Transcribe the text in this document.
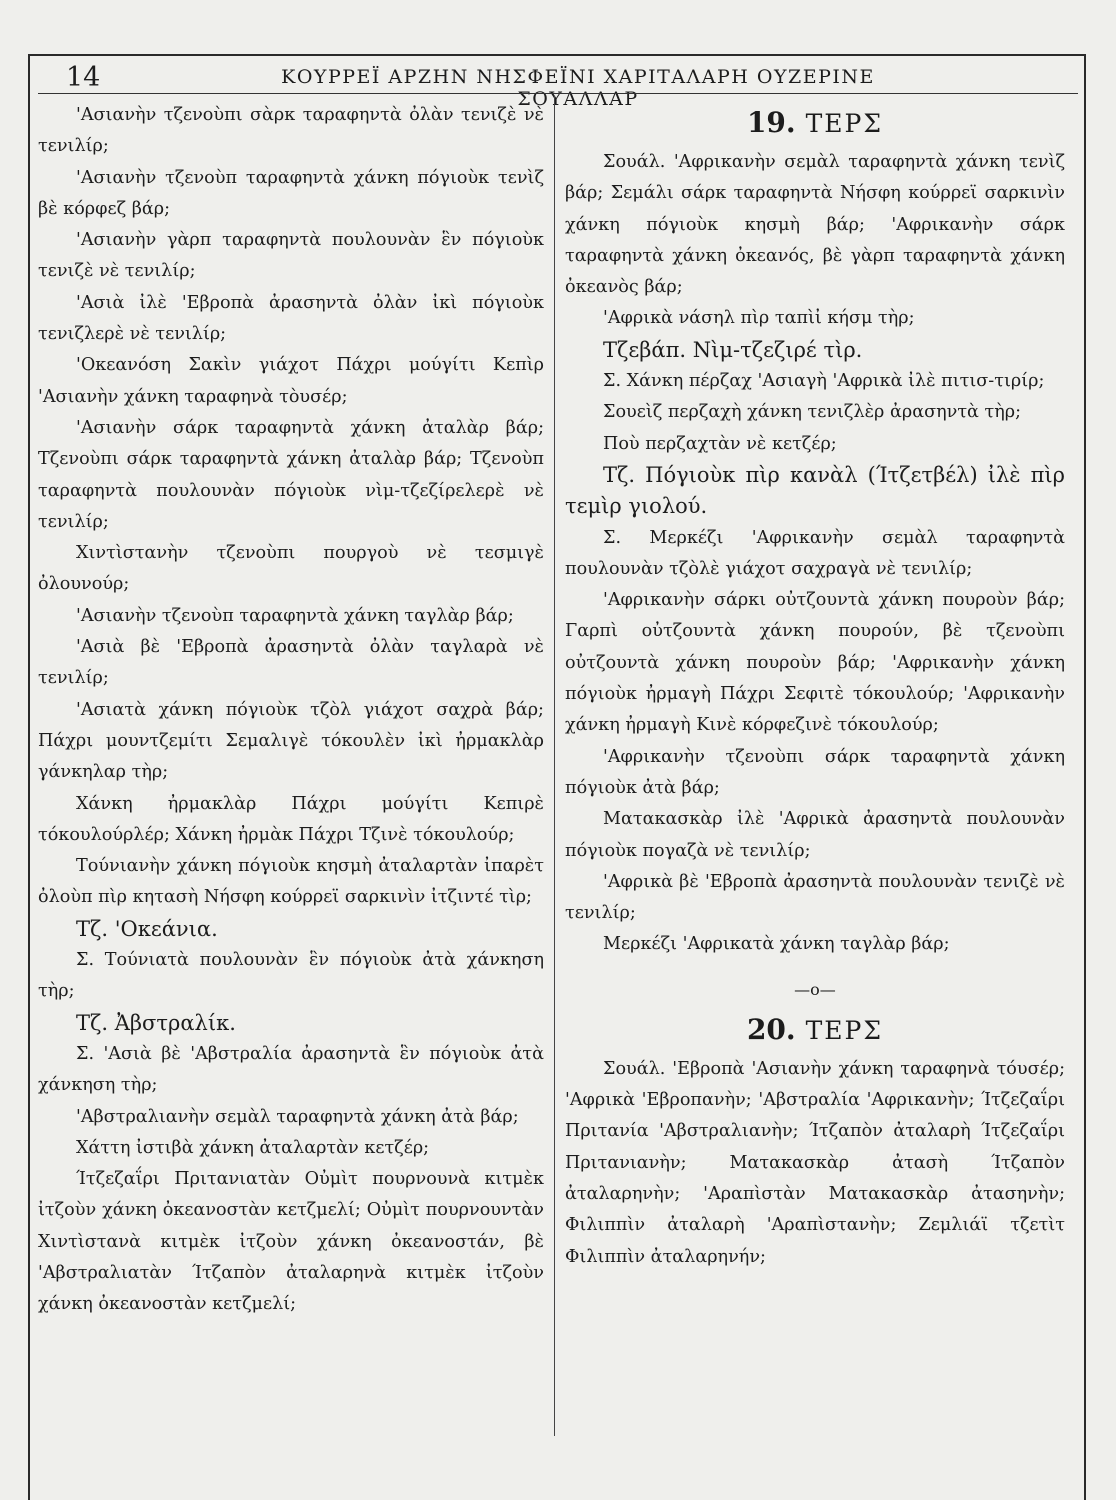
14	ΚΟΥΡΡΕΪ ΑΡΖΗΝ ΝΗΣΦΕΪΝΙ ΧΑΡΙΤΑΛΑΡΗ ΟΥΖΕΡΙΝΕ ΣΟΥΑΛΛΑΡ

'Ασιανὴν τζενοὺπι σὰρκ ταραφηντὰ ὀλὰν τενιζὲ νὲ τενιλίρ;

'Ασιανὴν τζενοὺπ ταραφηντὰ χάνκη πόγιοὺκ τενὶζ βὲ κόρφεζ βάρ;

'Ασιανὴν γὰρπ ταραφηντὰ πουλουνὰν ἓν πόγιοὺκ τενιζὲ νὲ τενιλίρ;

'Ασιὰ ἰλὲ 'Εβροπὰ ἀρασηντὰ ὀλὰν ἰκὶ πόγιοὺκ τενιζλερὲ νὲ τενιλίρ;

'Οκεανόση Σακὶν γιάχοτ Πάχρι μούγίτι Κεπὶρ 'Ασιανὴν χάνκη ταραφηνὰ τὸυσέρ;

'Ασιανὴν σάρκ ταραφηντὰ χάνκη ἀταλὰρ βάρ; Τζενοὺπι σάρκ ταραφηντὰ χάνκη ἀταλὰρ βάρ; Τζενοὺπ ταραφηντὰ πουλουνὰν πόγιοὺκ νὶμ-τζεζίρελερὲ νὲ τενιλίρ;

Χιντὶστανὴν τζενοὺπι πουργοὺ νὲ τεσμιγὲ ὀλουνούρ;

'Ασιανὴν τζενοὺπ ταραφηντὰ χάνκη ταγλὰρ βάρ;

'Ασιὰ βὲ 'Εβροπὰ ἀρασηντὰ ὀλὰν ταγλαρὰ νὲ τενιλίρ;

'Ασιατὰ χάνκη πόγιοὺκ τζὸλ γιάχοτ σαχρὰ βάρ; Πάχρι μουντζεμίτι Σεμαλιγὲ τόκουλὲν ἰκὶ ἠρμακλὰρ γάνκηλαρ τὴρ;

Χάνκη ἠρμακλὰρ Πάχρι μούγίτι Κεπιρὲ τόκουλούρλέρ; Χάνκη ἠρμὰκ Πάχρι Τζινὲ τόκουλούρ;

Τούνιανὴν χάνκη πόγιοὺκ κησμὴ ἀταλαρτὰν ἰπαρὲτ ὀλοὺπ πὶρ κητασὴ Νήσφη κούρρεϊ σαρκινὶν ἰτζιντέ τὶρ;

Τζ. 'Οκεάνια.

Σ. Τούνιατὰ πουλουνὰν ἓν πόγιοὺκ ἀτὰ χάνκηση τὴρ;

Τζ. Ἀβστραλίκ.

Σ. 'Ασιὰ βὲ 'Αβστραλία ἀρασηντὰ ἓν πόγιοὺκ ἀτὰ χάνκηση τὴρ;

'Αβστραλιανὴν σεμὰλ ταραφηντὰ χάνκη ἀτὰ βάρ;

Χάττη ἰστιβὰ χάνκη ἀταλαρτὰν κετζέρ;

Ίτζεζαΐρι Πριτανιατὰν Οὐμὶτ πουρνουνὰ κιτμὲκ ἰτζοὺν χάνκη ὀκεανοστὰν κετζμελί; Οὐμὶτ πουρνουντὰν Χιντὶστανὰ κιτμὲκ ἰτζοὺν χάνκη ὀκεανοστάν, βὲ 'Αβστραλιατὰν Ίτζαπὸν ἀταλαρηνὰ κιτμὲκ ἰτζοὺν χάνκη ὀκεανοστὰν κετζμελί;

19. ΤΕΡΣ

Σουάλ. 'Αφρικανὴν σεμὰλ ταραφηντὰ χάνκη τενὶζ βάρ; Σεμάλι σάρκ ταραφηντὰ Νήσφη κούρρεϊ σαρκινὶν χάνκη πόγιοὺκ κησμὴ βάρ; 'Αφρικανὴν σάρκ ταραφηντὰ χάνκη ὀκεανός, βὲ γὰρπ ταραφηντὰ χάνκη ὀκεανὸς βάρ;

'Αφρικὰ νάσηλ πὶρ ταπὶἰ κήσμ τὴρ;

Τζεβάπ. Νὶμ-τζεζιρέ τὶρ.

Σ. Χάνκη πέρζαχ 'Ασιαγὴ 'Αφρικὰ ἰλὲ πιτισ-τιρίρ;

Σουεὶζ περζαχὴ χάνκη τενιζλὲρ ἀρασηντὰ τὴρ;

Ποὺ περζαχτὰν νὲ κετζέρ;

Τζ. Πόγιοὺκ πὶρ κανὰλ (Ίτζετβέλ) ἰλὲ πὶρ τεμὶρ γιολού.

Σ. Μερκέζι 'Αφρικανὴν σεμὰλ ταραφηντὰ πουλουνὰν τζὸλὲ γιάχοτ σαχραγὰ νὲ τενιλίρ;

'Αφρικανὴν σάρκι οὐτζουντὰ χάνκη πουροὺν βάρ; Γαρπὶ οὐτζουντὰ χάνκη πουρούν, βὲ τζενοὺπι οὐτζουντὰ χάνκη πουροὺν βάρ; 'Αφρικανὴν χάνκη πόγιοὺκ ἠρμαγὴ Πάχρι Σεφιτὲ τόκουλούρ; 'Αφρικανὴν χάνκη ἠρμαγὴ Κινὲ κόρφεζινὲ τόκουλούρ;

'Αφρικανὴν τζενοὺπι σάρκ ταραφηντὰ χάνκη πόγιοὺκ ἀτὰ βάρ;

Ματακασκὰρ ἰλὲ 'Αφρικὰ ἀρασηντὰ πουλουνὰν πόγιοὺκ πογαζὰ νὲ τενιλίρ;

'Αφρικὰ βὲ 'Εβροπὰ ἀρασηντὰ πουλουνὰν τενιζὲ νὲ τενιλίρ;

Μερκέζι 'Αφρικατὰ χάνκη ταγλὰρ βάρ;

—o—
20. ΤΕΡΣ

Σουάλ. 'Εβροπὰ 'Ασιανὴν χάνκη ταραφηνὰ τόυσέρ; 'Αφρικὰ 'Εβροπανὴν; 'Αβστραλία 'Αφρικανὴν; Ίτζεζαΐρι Πριτανία 'Αβστραλιανὴν; Ίτζαπὸν ἀταλαρὴ Ίτζεζαΐρι Πριτανιανὴν; Ματακασκὰρ ἀτασὴ Ίτζαπὸν ἀταλαρηνὴν; 'Αραπὶστὰν Ματακασκὰρ ἀτασηνὴν; Φιλιππὶν ἀταλαρὴ 'Αραπὶστανὴν; Ζεμλιάϊ τζετὶτ Φιλιππὶν ἀταλαρηνήν;
